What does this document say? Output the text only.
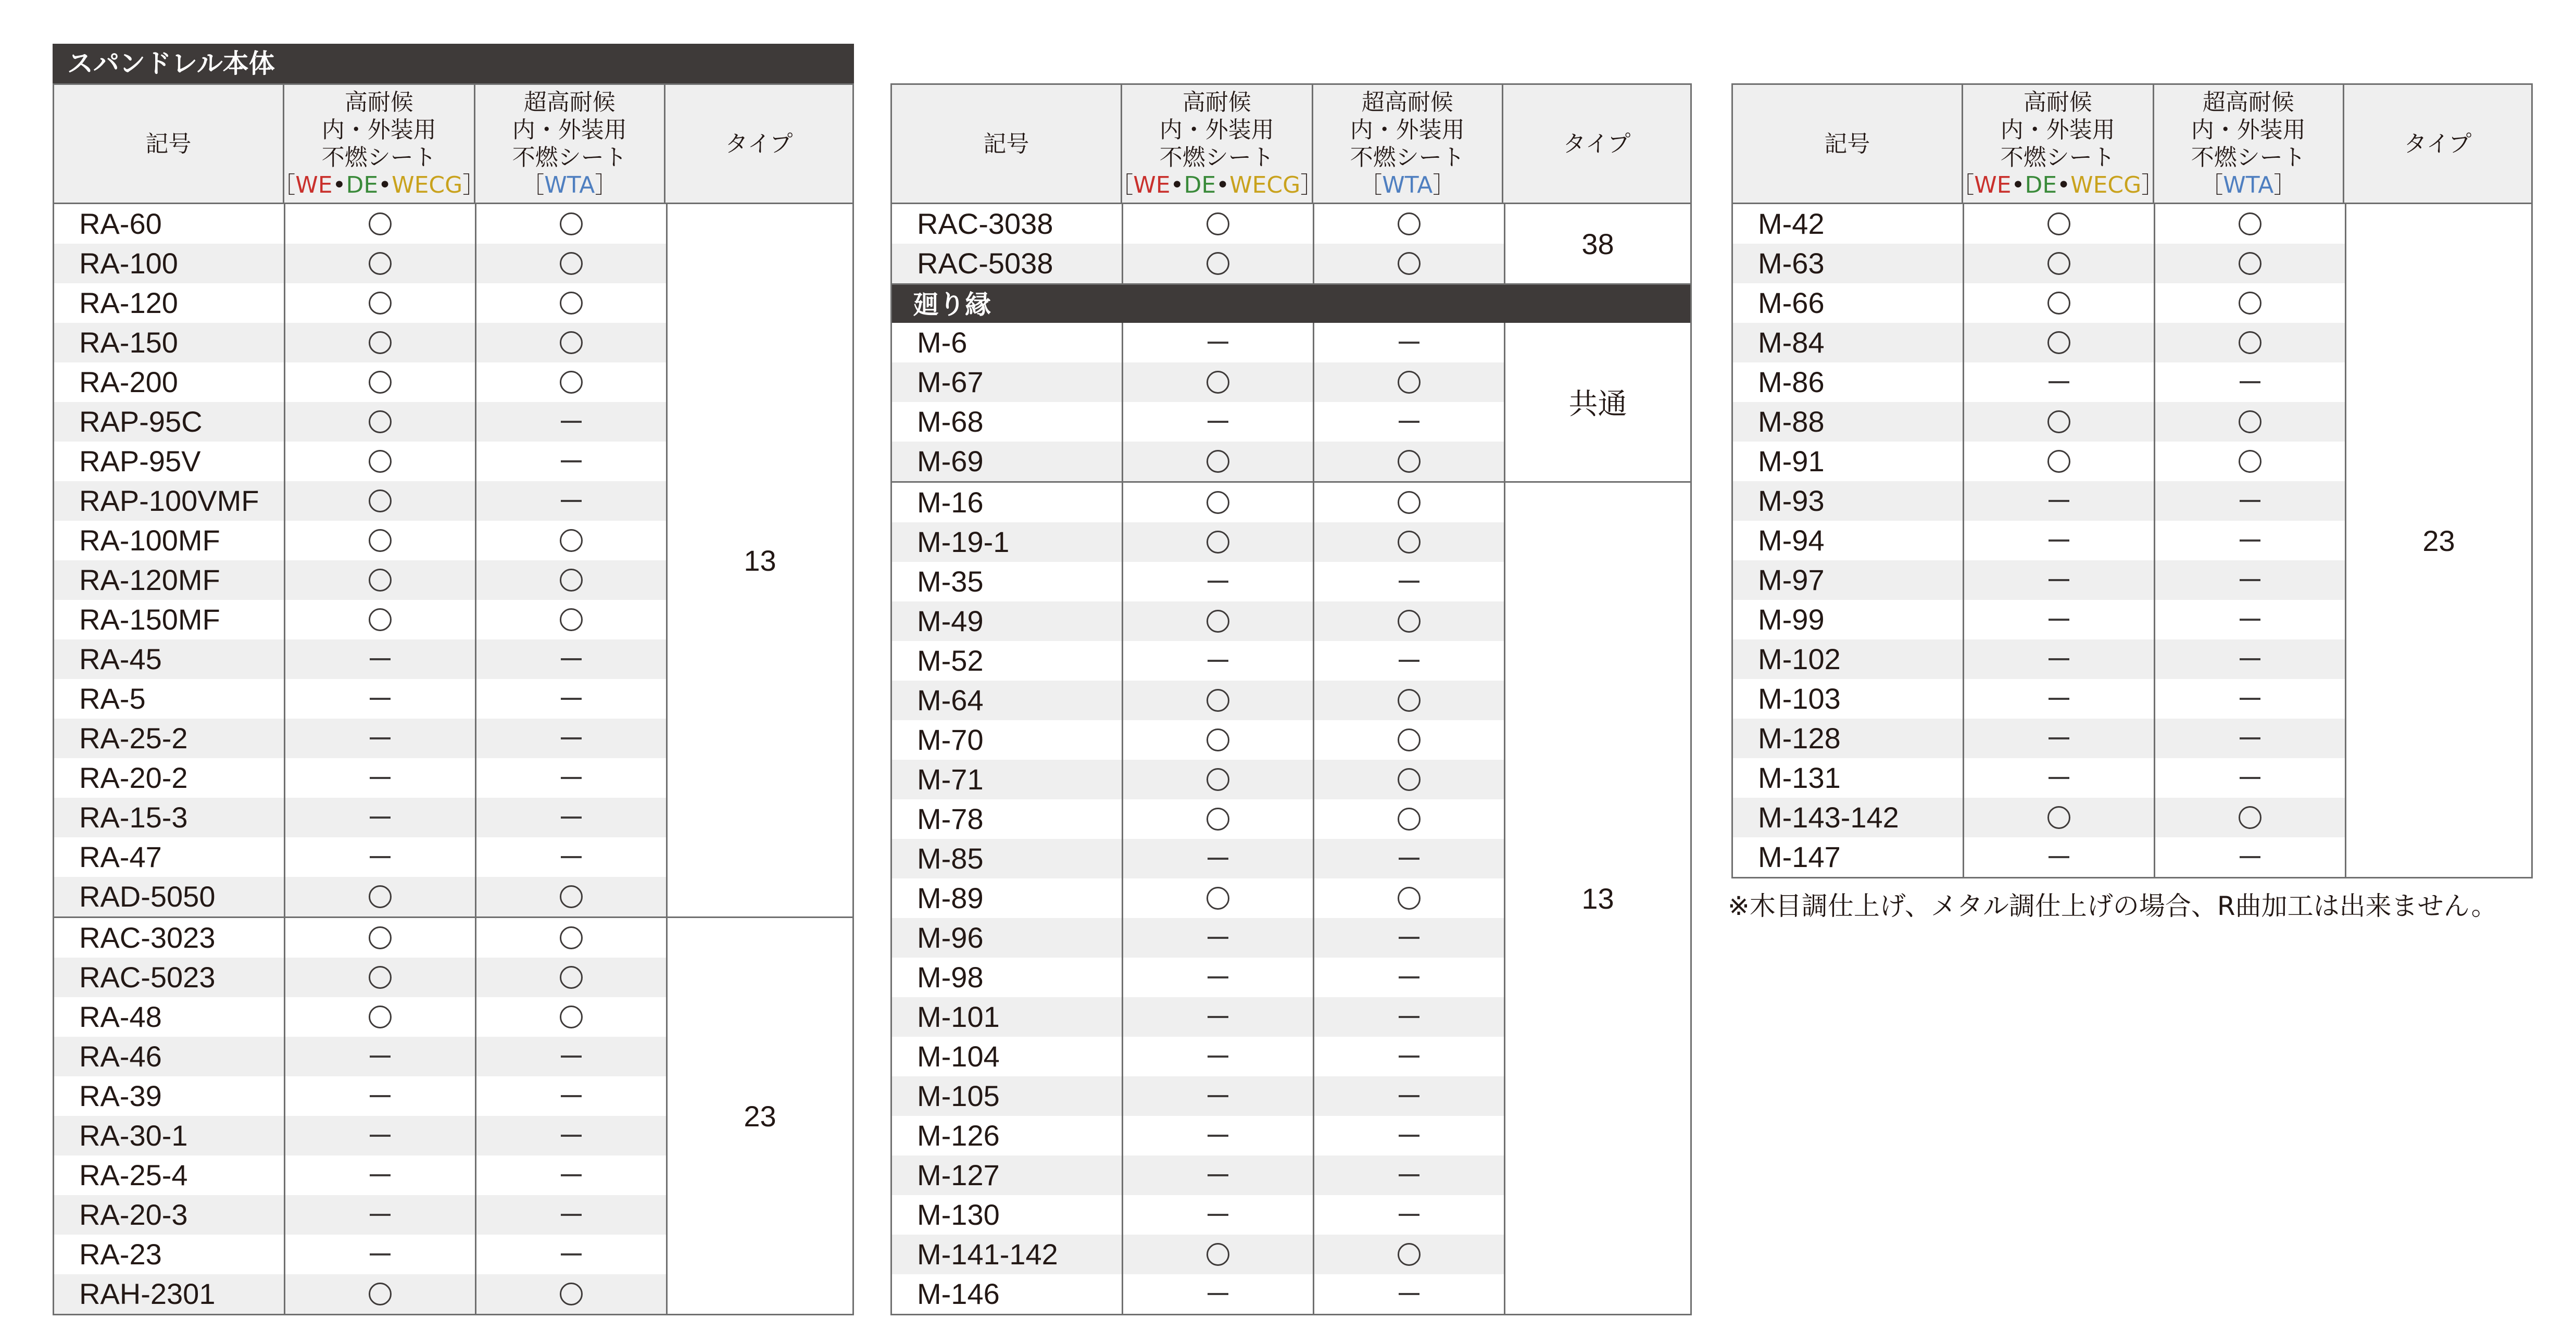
スパンドレル本体
記号
高耐候
内・外装用
不燃シート
［WE•DE•WECG］
超高耐候
内・外装用
不燃シート
［WTA］
タイプ
RA-60
RA-100
RA-120
RA-150
RA-200
RAP-95C
RAP-95V
RAP-100VMF
RA-100MF
RA-120MF
RA-150MF
RA-45
RA-5
RA-25-2
RA-20-2
RA-15-3
RA-47
RAD-5050
13
RAC-3023
RAC-5023
RA-48
RA-46
RA-39
RA-30-1
RA-25-4
RA-20-3
RA-23
RAH-2301
23
記号
高耐候
内・外装用
不燃シート
［WE•DE•WECG］
超高耐候
内・外装用
不燃シート
［WTA］
タイプ
RAC-3038
RAC-5038
38
廻り縁
M-6
M-67
M-68
M-69
共通
M-16
M-19-1
M-35
M-49
M-52
M-64
M-70
M-71
M-78
M-85
M-89
M-96
M-98
M-101
M-104
M-105
M-126
M-127
M-130
M-141-142
M-146
13
記号
高耐候
内・外装用
不燃シート
［WE•DE•WECG］
超高耐候
内・外装用
不燃シート
［WTA］
タイプ
M-42
M-63
M-66
M-84
M-86
M-88
M-91
M-93
M-94
M-97
M-99
M-102
M-103
M-128
M-131
M-143-142
M-147
23
※木目調仕上げ、メタル調仕上げの場合、R曲加工は出来ません。
